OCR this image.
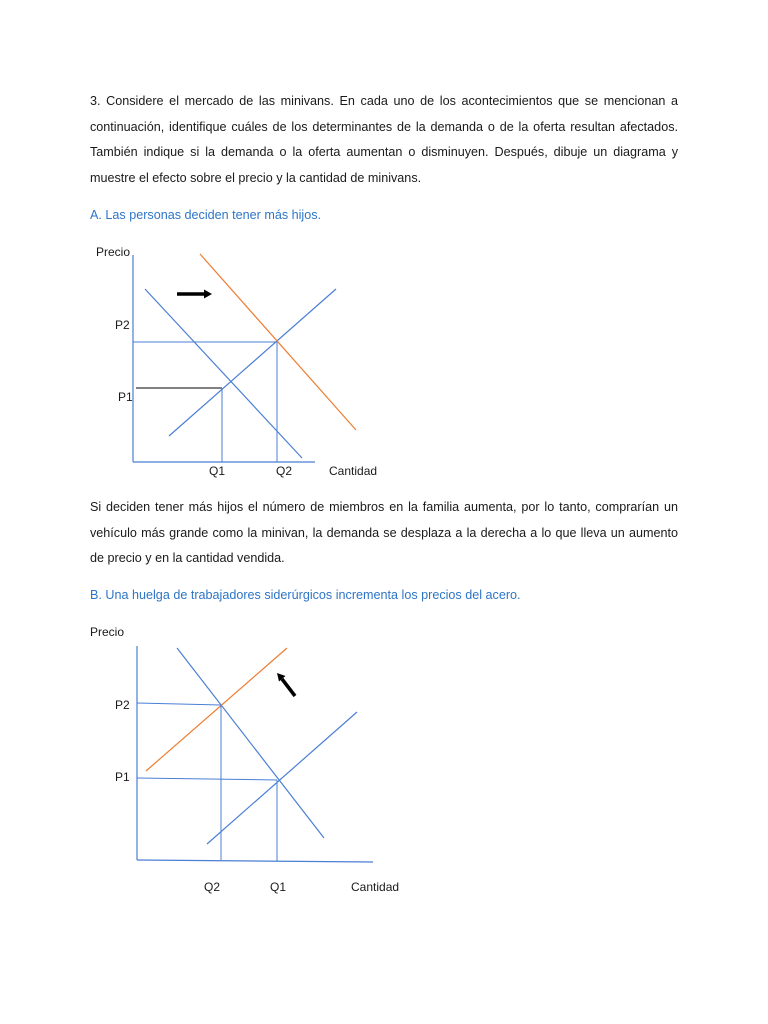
3. Considere el mercado de las minivans. En cada uno de los acontecimientos que se mencionan a continuación, identifique cuáles de los determinantes de la demanda o de la oferta resultan afectados. También indique si la demanda o la oferta aumentan o disminuyen. Después, dibuje un diagrama y muestre el efecto sobre el precio y la cantidad de minivans.

A. Las personas deciden tener más hijos.

Precio
P2
P1
Q1	Q2	Cantidad

Si deciden tener más hijos el número de miembros en la familia aumenta, por lo tanto, comprarían un vehículo más grande como la minivan, la demanda se desplaza a la derecha a lo que lleva un aumento de precio y en la cantidad vendida.

B. Una huelga de trabajadores siderúrgicos incrementa los precios del acero.

Precio
P2
P1
Q2	Q1	Cantidad
